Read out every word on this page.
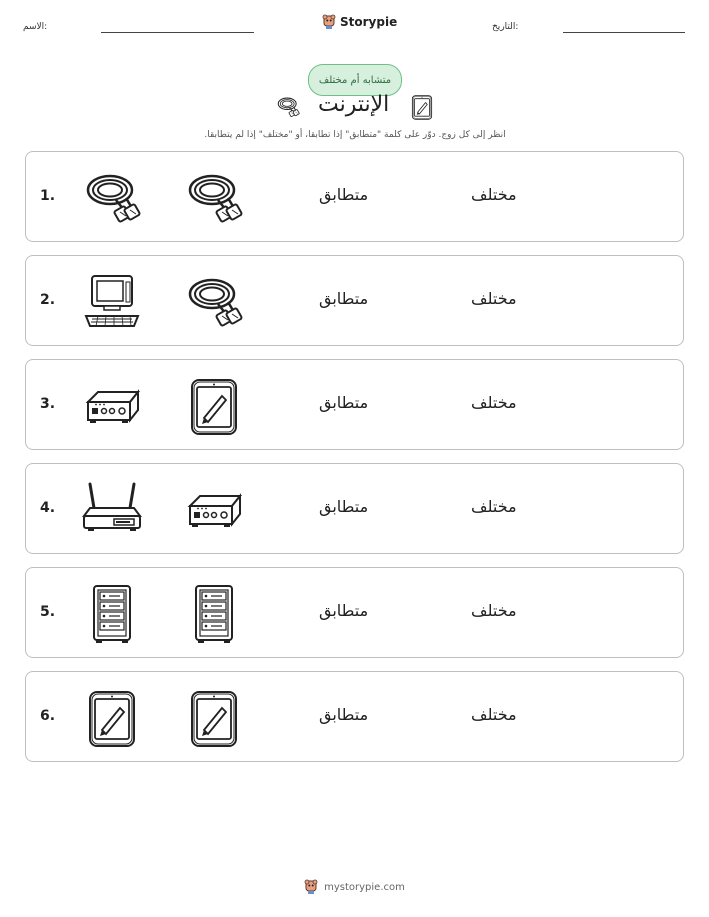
الاسم:	Storypie	التاريخ:
متشابه أم مختلف
الإنترنت
انظر إلى كل زوج. دوّر على كلمة "متطابق" إذا تطابقا، أو "مختلف" إذا لم يتطابقا.
1.	متطابق	مختلف
2.	متطابق	مختلف
3.	متطابق	مختلف
4.	متطابق	مختلف
5.	متطابق	مختلف
6.	متطابق	مختلف
mystorypie.com
